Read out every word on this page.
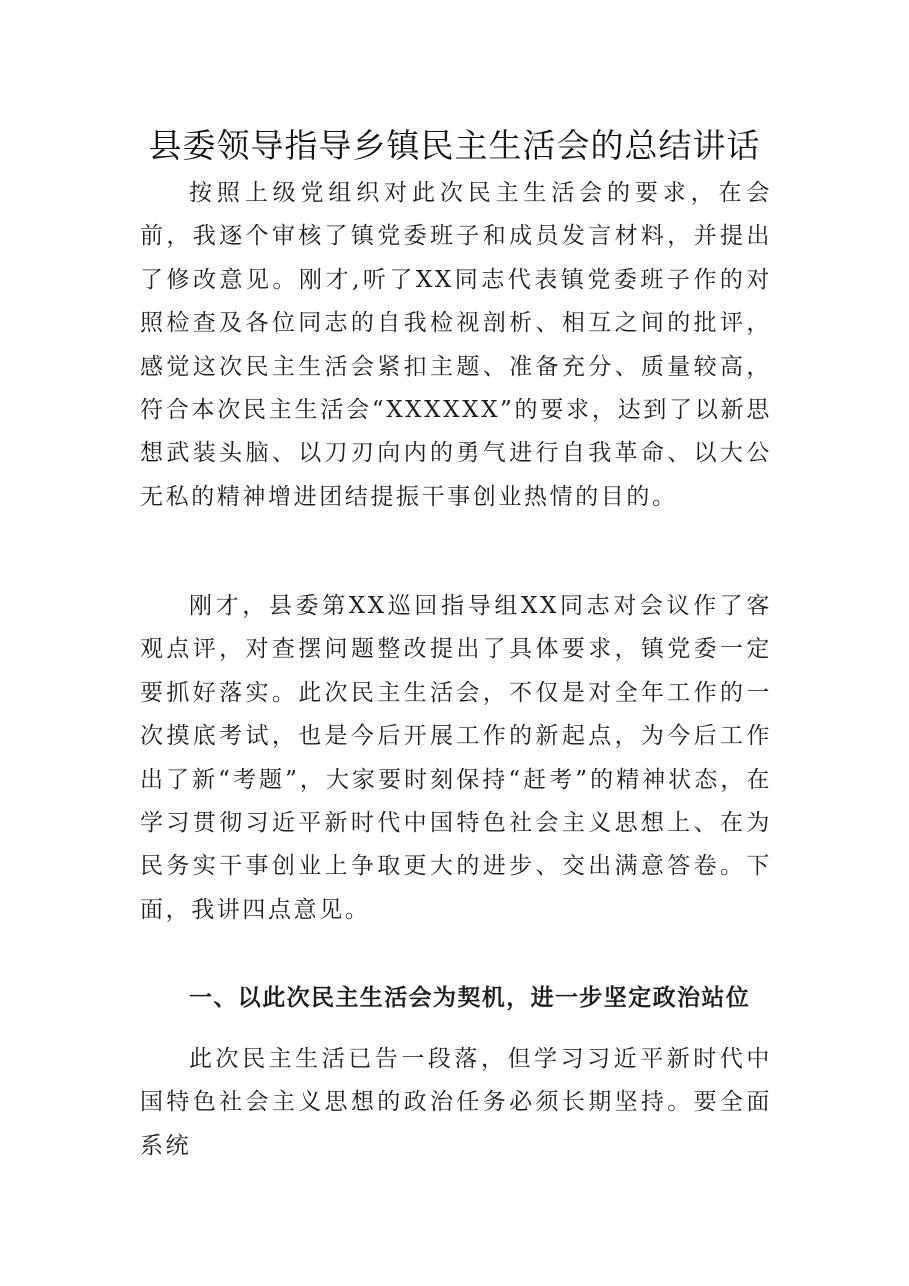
县委领导指导乡镇民主生活会的总结讲话

按照上级党组织对此次民主生活会的要求，在会前，我逐个审核了镇党委班子和成员发言材料，并提出了修改意见。刚才,听了XX同志代表镇党委班子作的对照检查及各位同志的自我检视剖析、相互之间的批评，感觉这次民主生活会紧扣主题、准备充分、质量较高，符合本次民主生活会“XXXXXX”的要求，达到了以新思想武装头脑、以刀刃向内的勇气进行自我革命、以大公无私的精神增进团结提振干事创业热情的目的。

刚才，县委第XX巡回指导组XX同志对会议作了客观点评，对查摆问题整改提出了具体要求，镇党委一定要抓好落实。此次民主生活会，不仅是对全年工作的一次摸底考试，也是今后开展工作的新起点，为今后工作出了新“考题”，大家要时刻保持“赶考”的精神状态，在学习贯彻习近平新时代中国特色社会主义思想上、在为民务实干事创业上争取更大的进步、交出满意答卷。下面，我讲四点意见。

一、以此次民主生活会为契机，进一步坚定政治站位

此次民主生活已告一段落，但学习习近平新时代中国特色社会主义思想的政治任务必须长期坚持。要全面系统
